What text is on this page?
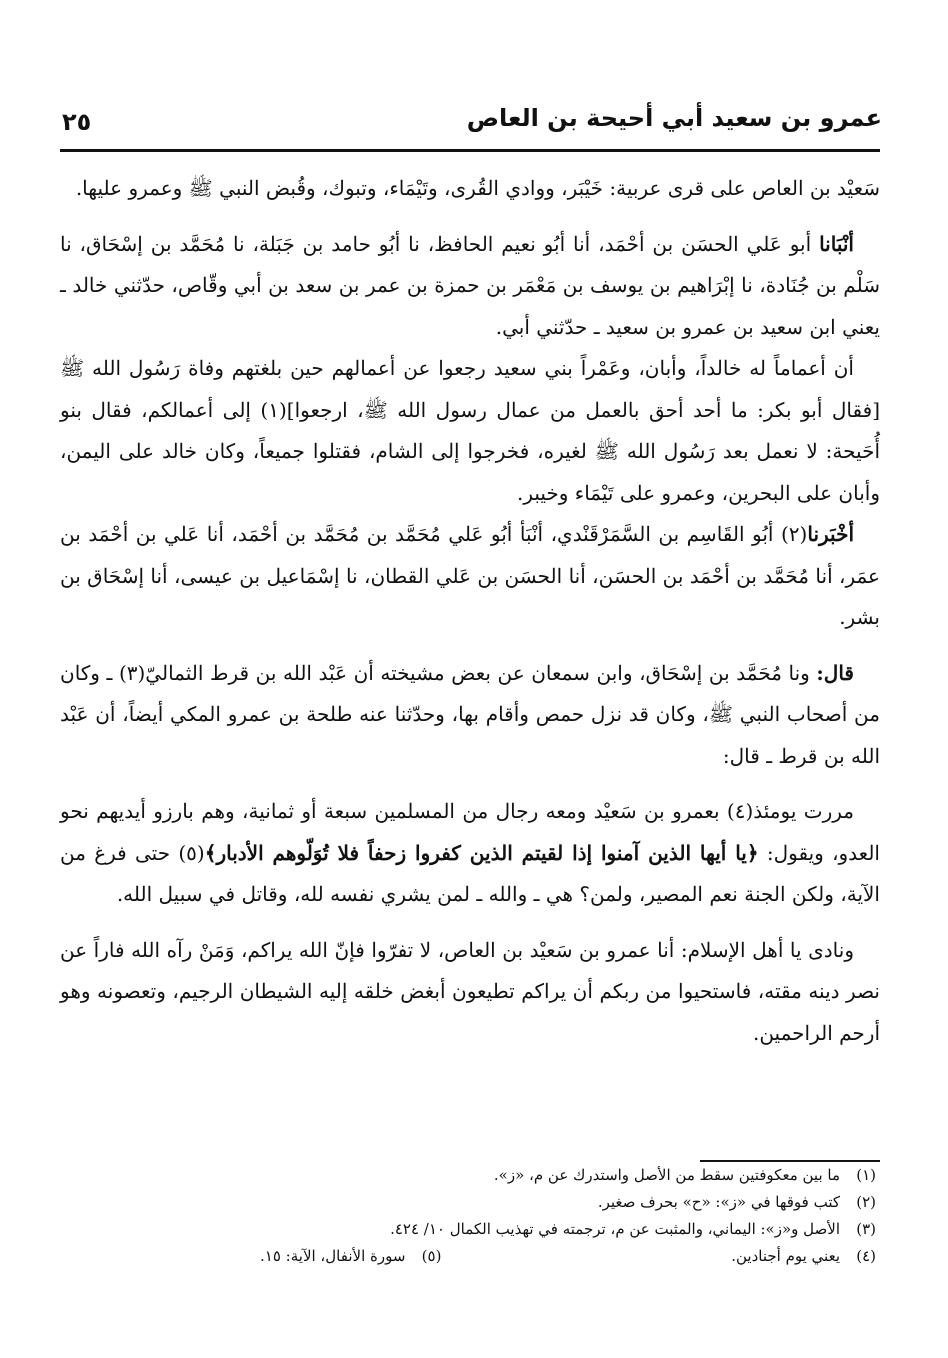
عمرو بن سعيد أبي أحيحة بن العاص
٢٥

سَعيْد بن العاص على قرى عربية: خَيْبَر، ووادي القُرى، وتَيْمَاء، وتبوك، وقُبض النبي ﷺ وعمرو عليها.

أنْبَانا أبو عَلي الحسَن بن أحْمَد، أنا أبُو نعيم الحافظ، نا أبُو حامد بن جَبَلة، نا مُحَمَّد بن إسْحَاق، نا سَلْم بن جُنَادة، نا إبْرَاهيم بن يوسف بن مَعْمَر بن حمزة بن عمر بن سعد بن أبي وقّاص، حدّثني خالد ـ يعني ابن سعيد بن عمرو بن سعيد ـ حدّثني أبي.

أن أعماماً له خالداً، وأبان، وعَمْراً بني سعيد رجعوا عن أعمالهم حين بلغتهم وفاة رَسُول الله ﷺ [فقال أبو بكر: ما أحد أحق بالعمل من عمال رسول الله ﷺ، ارجعوا](١) إلى أعمالكم، فقال بنو أُحَيحة: لا نعمل بعد رَسُول الله ﷺ لغيره، فخرجوا إلى الشام، فقتلوا جميعاً، وكان خالد على اليمن، وأبان على البحرين، وعمرو على تَيْمَاء وخيبر.

أخْبَرنا(٢) أبُو القَاسِم بن السَّمَرْقَنْدي، أنْبَأ أبُو عَلي مُحَمَّد بن مُحَمَّد بن أحْمَد، أنا عَلي بن أحْمَد بن عمَر، أنا مُحَمَّد بن أحْمَد بن الحسَن، أنا الحسَن بن عَلي القطان، نا إسْمَاعيل بن عيسى، أنا إسْحَاق بن بشر.

قال: ونا مُحَمَّد بن إسْحَاق، وابن سمعان عن بعض مشيخته أن عَبْد الله بن قرط الثماليّ(٣) ـ وكان من أصحاب النبي ﷺ، وكان قد نزل حمص وأقام بها، وحدّثنا عنه طلحة بن عمرو المكي أيضاً، أن عَبْد الله بن قرط ـ قال:

مررت يومئذ(٤) بعمرو بن سَعيْد ومعه رجال من المسلمين سبعة أو ثمانية، وهم بارزو أيديهم نحو العدو، ويقول: ﴿يا أيها الذين آمنوا إذا لقيتم الذين كفروا زحفاً فلا تُوَلّوهم الأدبار﴾(٥) حتى فرغ من الآية، ولكن الجنة نعم المصير، ولمن؟ هي ـ والله ـ لمن يشري نفسه لله، وقاتل في سبيل الله.

ونادى يا أهل الإسلام: أنا عمرو بن سَعيْد بن العاص، لا تفرّوا فإنّ الله يراكم، وَمَنْ رآه الله فاراً عن نصر دينه مقته، فاستحيوا من ربكم أن يراكم تطيعون أبغض خلقه إليه الشيطان الرجيم، وتعصونه وهو أرحم الراحمين.

(١)ما بين معكوفتين سقط من الأصل واستدرك عن م، «ز».
(٢)كتب فوقها في «ز»: «ح» بحرف صغير.
(٣)الأصل و«ز»: اليماني، والمثبت عن م، ترجمته في تهذيب الكمال ١٠/ ٤٢٤.
(٤)يعني يوم أجنادين.
(٥)سورة الأنفال، الآية: ١٥.
